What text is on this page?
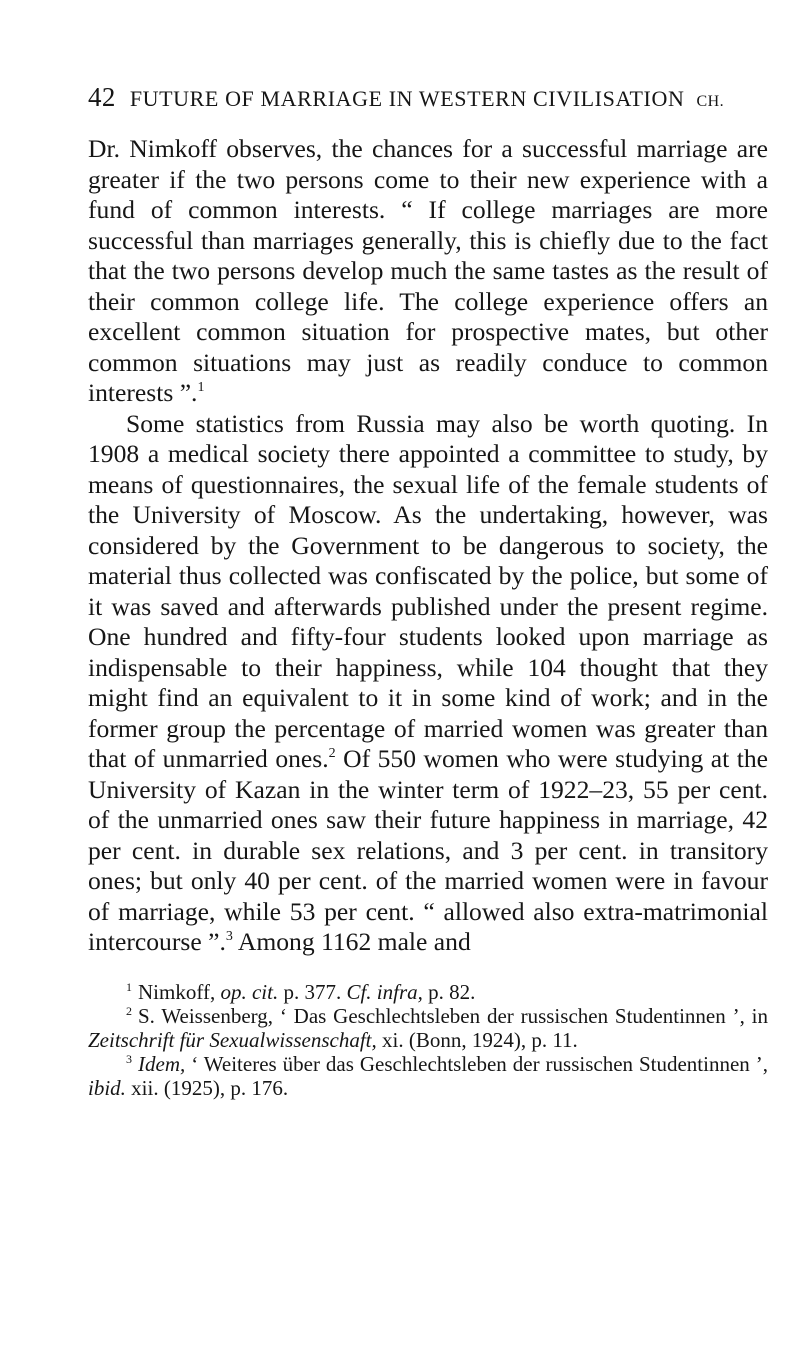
42 FUTURE OF MARRIAGE IN WESTERN CIVILISATION CH.

Dr. Nimkoff observes, the chances for a successful marriage are greater if the two persons come to their new experience with a fund of common interests. “ If college marriages are more successful than marriages generally, this is chiefly due to the fact that the two persons develop much the same tastes as the result of their common college life. The college experience offers an excellent common situation for prospective mates, but other common situations may just as readily conduce to common interests ”.$^1$

Some statistics from Russia may also be worth quoting. In 1908 a medical society there appointed a committee to study, by means of questionnaires, the sexual life of the female students of the University of Moscow. As the undertaking, however, was considered by the Government to be dangerous to society, the material thus collected was confiscated by the police, but some of it was saved and afterwards published under the present regime. One hundred and fifty-four students looked upon marriage as indispensable to their happiness, while 104 thought that they might find an equivalent to it in some kind of work; and in the former group the percentage of married women was greater than that of unmarried ones.$^2$ Of 550 women who were studying at the University of Kazan in the winter term of 1922–23, 55 per cent. of the unmarried ones saw their future happiness in marriage, 42 per cent. in durable sex relations, and 3 per cent. in transitory ones; but only 40 per cent. of the married women were in favour of marriage, while 53 per cent. “ allowed also extra-matrimonial intercourse ”.$^3$ Among 1162 male and

$^1$ Nimkoff, op. cit. p. 377. Cf. infra, p. 82.

$^2$ S. Weissenberg, ‘ Das Geschlechtsleben der russischen Studentinnen ’, in Zeitschrift für Sexualwissenschaft, xi. (Bonn, 1924), p. 11.

$^3$ Idem, ‘ Weiteres über das Geschlechtsleben der russischen Studentinnen ’, ibid. xii. (1925), p. 176.
